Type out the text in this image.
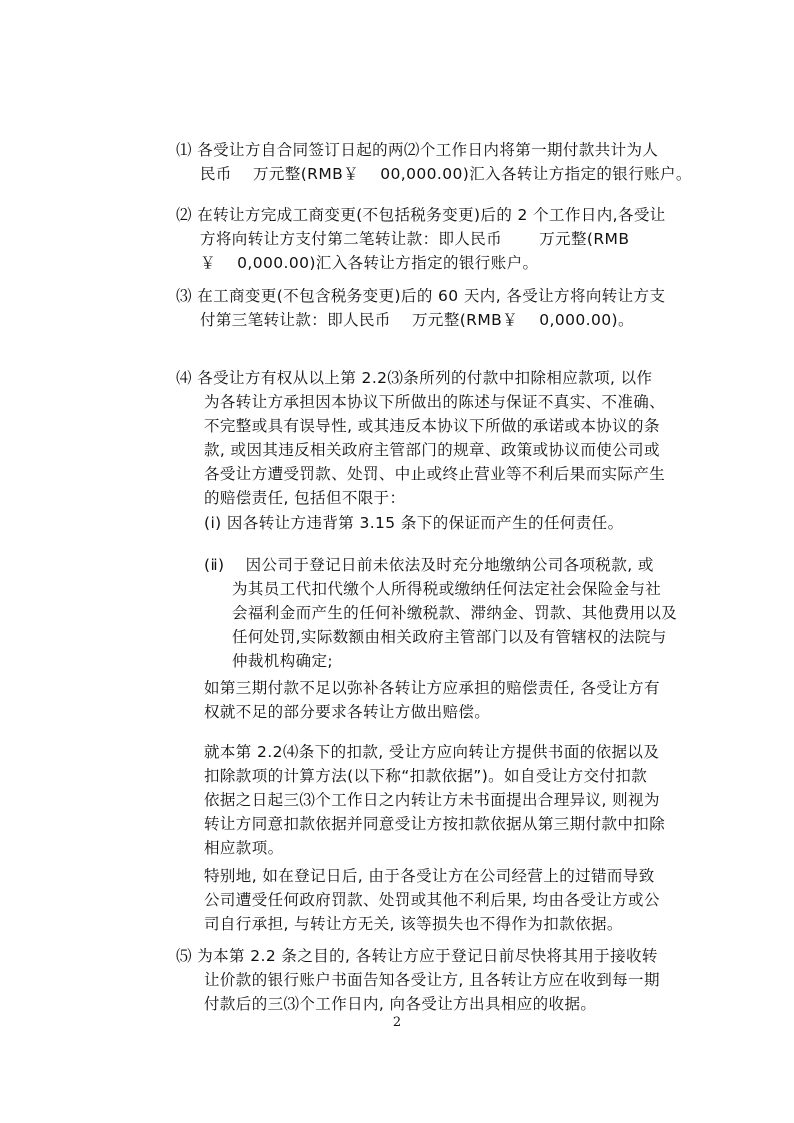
⑴ 各受让方自合同签订日起的两⑵个工作日内将第一期付款共计为人
民币　 万元整(RMB￥　 00,000.00)汇入各转让方指定的银行账户。
⑵ 在转让方完成工商变更(不包括税务变更)后的 2 个工作日内,各受让
方将向转让方支付第二笔转让款：即人民币　　 万元整(RMB
￥　 0,000.00)汇入各转让方指定的银行账户。
⑶ 在工商变更(不包含税务变更)后的 60 天内, 各受让方将向转让方支
付第三笔转让款：即人民币　 万元整(RMB￥　 0,000.00)。
⑷ 各受让方有权从以上第 2.2⑶条所列的付款中扣除相应款项, 以作
为各转让方承担因本协议下所做出的陈述与保证不真实、不准确、
不完整或具有误导性, 或其违反本协议下所做的承诺或本协议的条
款, 或因其违反相关政府主管部门的规章、政策或协议而使公司或
各受让方遭受罚款、处罚、中止或终止营业等不利后果而实际产生
的赔偿责任, 包括但不限于：
(ⅰ) 因各转让方违背第 3.15 条下的保证而产生的任何责任。
(ⅱ)　 因公司于登记日前未依法及时充分地缴纳公司各项税款, 或
为其员工代扣代缴个人所得税或缴纳任何法定社会保险金与社
会福利金而产生的任何补缴税款、滞纳金、罚款、其他费用以及
任何处罚,实际数额由相关政府主管部门以及有管辖权的法院与
仲裁机构确定;
如第三期付款不足以弥补各转让方应承担的赔偿责任, 各受让方有
权就不足的部分要求各转让方做出赔偿。
就本第 2.2⑷条下的扣款, 受让方应向转让方提供书面的依据以及
扣除款项的计算方法(以下称“扣款依据”)。如自受让方交付扣款
依据之日起三⑶个工作日之内转让方未书面提出合理异议, 则视为
转让方同意扣款依据并同意受让方按扣款依据从第三期付款中扣除
相应款项。
特别地, 如在登记日后, 由于各受让方在公司经营上的过错而导致
公司遭受任何政府罚款、处罚或其他不利后果, 均由各受让方或公
司自行承担, 与转让方无关, 该等损失也不得作为扣款依据。
⑸ 为本第 2.2 条之目的, 各转让方应于登记日前尽快将其用于接收转
让价款的银行账户书面告知各受让方, 且各转让方应在收到每一期
付款后的三⑶个工作日内, 向各受让方出具相应的收据。

2
